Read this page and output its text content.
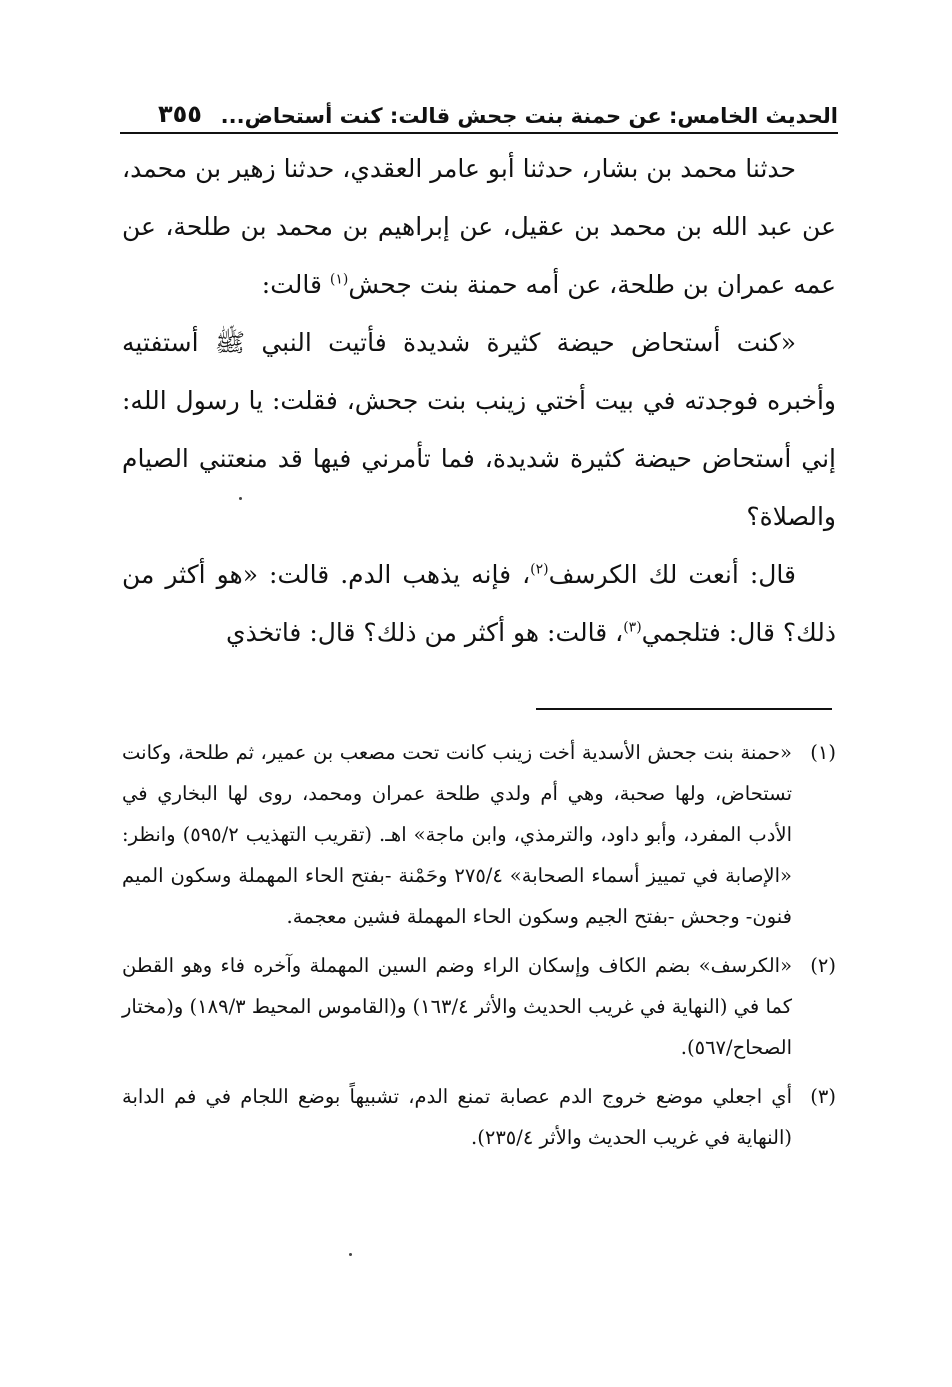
الحديث الخامس: عن حمنة بنت جحش قالت: كنت أستحاض...
٣٥٥

حدثنا محمد بن بشار، حدثنا أبو عامر العقدي، حدثنا زهير بن محمد، عن عبد الله بن محمد بن عقيل، عن إبراهيم بن محمد بن طلحة، عن عمه عمران بن طلحة، عن أمه حمنة بنت جحش$^{(١)}$ قالت:

«كنت أستحاض حيضة كثيرة شديدة فأتيت النبي ﷺ أستفتيه وأخبره فوجدته في بيت أختي زينب بنت جحش، فقلت: يا رسول الله: إني أستحاض حيضة كثيرة شديدة، فما تأمرني فيها قد منعتني الصيام والصلاة؟

قال: أنعت لك الكرسف$^{(٢)}$، فإنه يذهب الدم. قالت: «هو أكثر من ذلك؟ قال: فتلجمي$^{(٣)}$، قالت: هو أكثر من ذلك؟ قال: فاتخذي

(١)
«حمنة بنت جحش الأسدية أخت زينب كانت تحت مصعب بن عمير، ثم طلحة، وكانت تستحاض، ولها صحبة، وهي أم ولدي طلحة عمران ومحمد، روى لها البخاري في الأدب المفرد، وأبو داود، والترمذي، وابن ماجة» اهـ. (تقريب التهذيب ٥٩٥/٢) وانظر: «الإصابة في تمييز أسماء الصحابة» ٢٧٥/٤ وحَمْنة -بفتح الحاء المهملة وسكون الميم فنون- وجحش -بفتح الجيم وسكون الحاء المهملة فشين معجمة.
(٢)
«الكرسف» بضم الكاف وإسكان الراء وضم السين المهملة وآخره فاء وهو القطن كما في (النهاية في غريب الحديث والأثر ١٦٣/٤) و(القاموس المحيط ١٨٩/٣) و(مختار الصحاح/٥٦٧).
(٣)
أي اجعلي موضع خروج الدم عصابة تمنع الدم، تشبيهاً بوضع اللجام في فم الدابة (النهاية في غريب الحديث والأثر ٢٣٥/٤).
